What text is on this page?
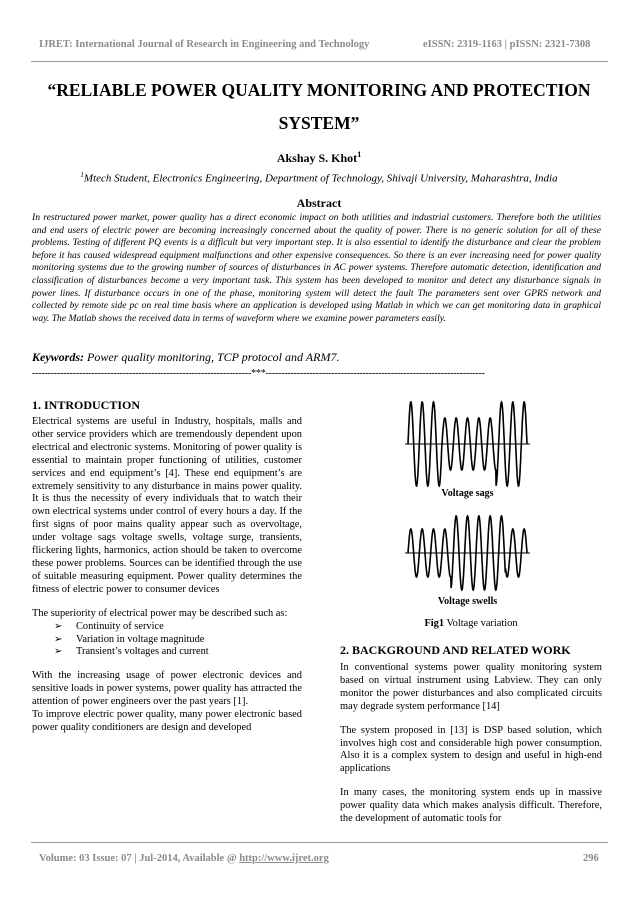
IJRET: International Journal of Research in Engineering and Technology	eISSN: 2319-1163 | pISSN: 2321-7308
“RELIABLE POWER QUALITY MONITORING AND PROTECTION
SYSTEM”
Akshay S. Khot$^1$
$^1$Mtech Student, Electronics Engineering, Department of Technology, Shivaji University, Maharashtra, India
Abstract
In restructured power market, power quality has a direct economic impact on both utilities and industrial customers. Therefore both the utilities and end users of electric power are becoming increasingly concerned about the quality of power. There is no generic solution for all of these problems. Testing of different PQ events is a difficult but very important step. It is also essential to identify the disturbance and clear the problem before it has caused widespread equipment malfunctions and other expensive consequences. So there is an ever increasing need for power quality monitoring systems due to the growing number of sources of disturbances in AC power systems. Therefore automatic detection, identification and classification of disturbances become a very important task. This system has been developed to monitor and detect any disturbance signals in power lines. If disturbance occurs in one of the phase, monitoring system will detect the fault The parameters sent over GPRS network and collected by remote side pc on real time basis where an application is developed using Matlab in which we can get monitoring data in graphical way. The Matlab shows the received data in terms of waveform where we examine power parameters easily.
Keywords: Power quality monitoring, TCP protocol and ARM7.
----------------------------------------------------------------------***----------------------------------------------------------------------
1. INTRODUCTION

Electrical systems are useful in Industry, hospitals, malls and other service providers which are tremendously dependent upon electrical and electronic systems. Monitoring of power quality is essential to maintain proper functioning of utilities, customer services and end equipment’s [4]. These end equipment’s are extremely sensitivity to any disturbance in mains power quality. It is thus the necessity of every individuals that to watch their own electrical systems under control of every hours a day. If the first signs of poor mains quality appear such as overvoltage, under voltage sags voltage swells, voltage surge, transients, flickering lights, harmonics, action should be taken to overcome these power problems. Sources can be identified through the use of suitable measuring equipment. Power quality determines the fitness of electric power to consumer devices

The superiority of electrical power may be described such as:

➢ Continuity of service
➢ Variation in voltage magnitude
➢ Transient’s voltages and current

With the increasing usage of power electronic devices and sensitive loads in power systems, power quality has attracted the attention of power engineers over the past years [1].

To improve electric power quality, many power electronic based power quality conditioners are design and developed

Voltage sags
Voltage swells
Fig1 Voltage variation
2. BACKGROUND AND RELATED WORK

In conventional systems power quality monitoring system based on virtual instrument using Labview. They can only monitor the power disturbances and also complicated circuits may degrade system performance [14]

The system proposed in [13] is DSP based solution, which involves high cost and considerable high power consumption. Also it is a complex system to design and useful in high-end applications

In many cases, the monitoring system ends up in massive power quality data which makes analysis difficult. Therefore, the development of automatic tools for

Volume: 03 Issue: 07 | Jul-2014, Available @ http://www.ijret.org	296
